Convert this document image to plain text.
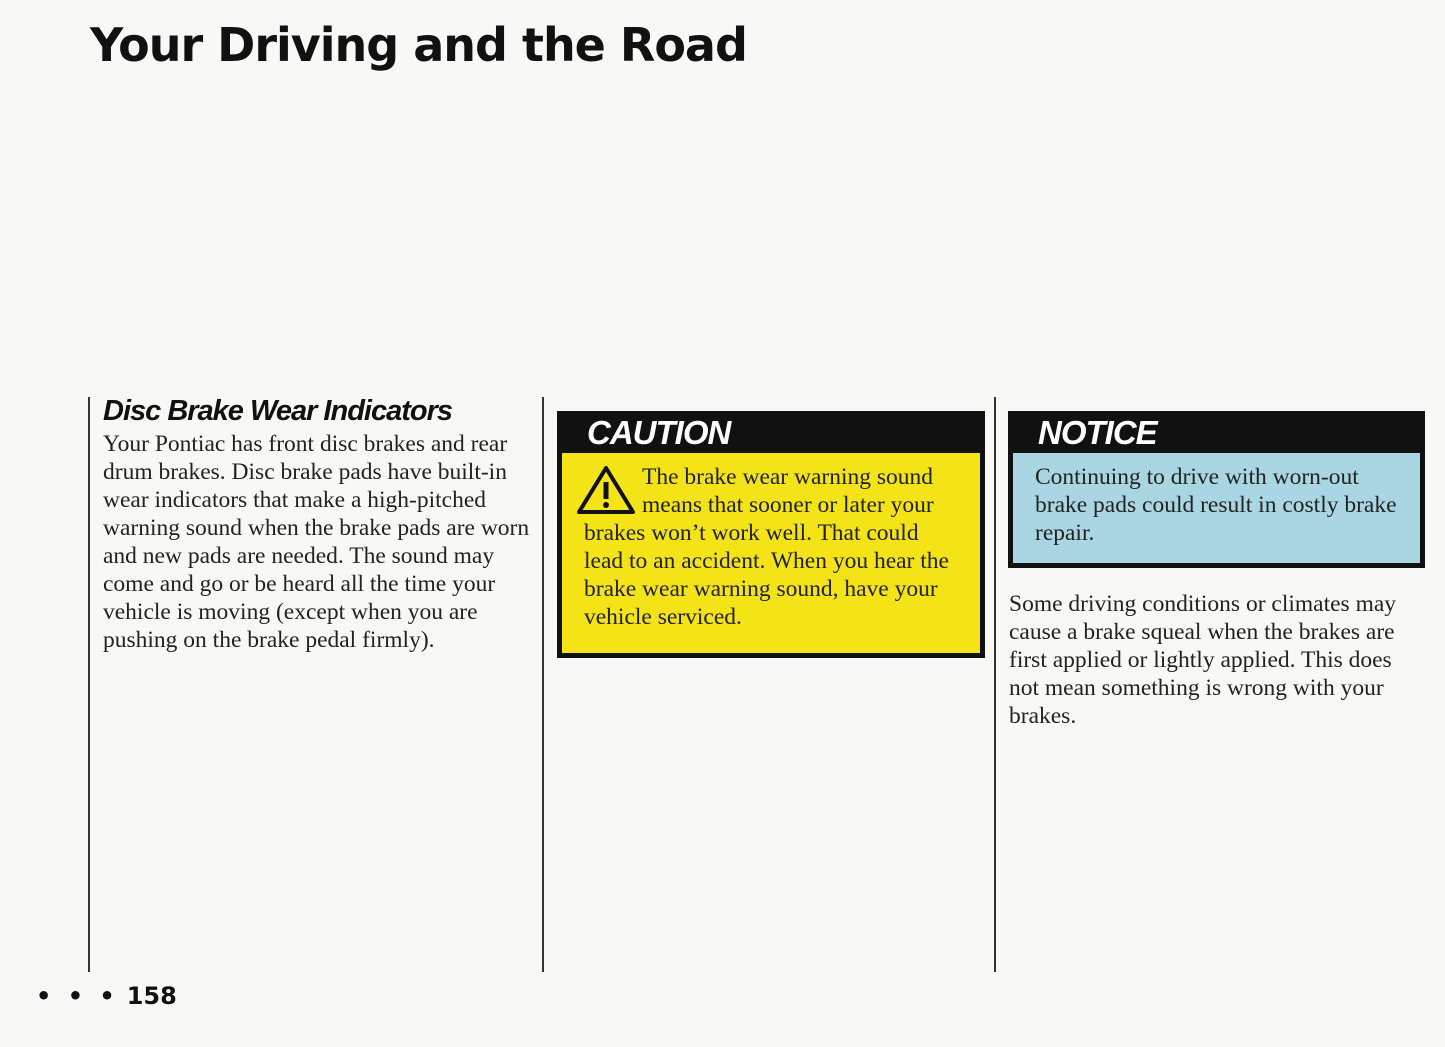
Your Driving and the Road
Disc Brake Wear Indicators

Your Pontiac has front disc brakes and rear drum brakes. Disc brake pads have built-in wear indicators that make a high-pitched warning sound when the brake pads are worn and new pads are needed. The sound may come and go or be heard all the time your vehicle is moving (except when you are pushing on the brake pedal firmly).

CAUTION

The brake wear warning sound means that sooner or later your brakes won’t work well. That could lead to an accident. When you hear the brake wear warning sound, have your vehicle serviced.

NOTICE

Continuing to drive with worn-out brake pads could result in costly brake repair.

Some driving conditions or climates may cause a brake squeal when the brakes are first applied or lightly applied. This does not mean something is wrong with your brakes.

• • • 158
